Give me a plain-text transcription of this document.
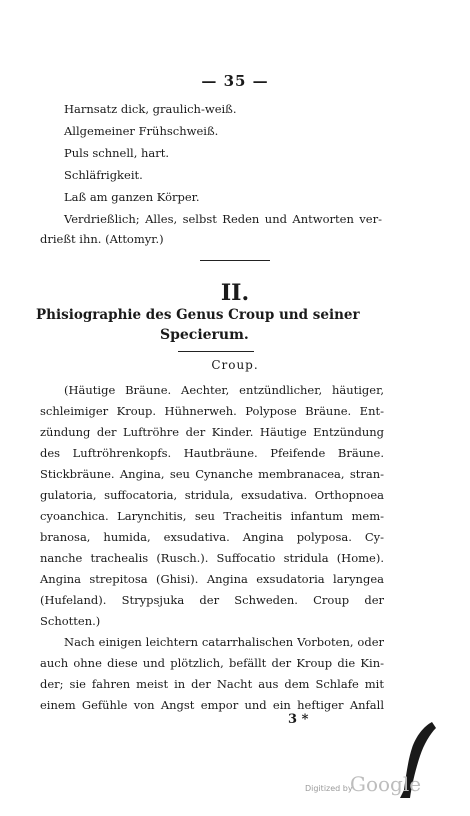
— 35 —
Harnsatz dick, graulich-weiß.
Allgemeiner Frühschweiß.
Puls schnell, hart.
Schläfrigkeit.
Laß am ganzen Körper.
Verdrießlich; Alles, selbst Reden und Antworten ver-
drießt ihn. (Attomyr.)
II.
Phisiographie des Genus Croup und seiner
Specierum.
Croup.
(Häutige Bräune. Aechter, entzündlicher, häutiger,
schleimiger Kroup. Hühnerweh. Polypose Bräune. Ent-
zündung der Luftröhre der Kinder. Häutige Entzündung
des Luftröhrenkopfs. Hautbräune. Pfeifende Bräune.
Stickbräune. Angina, seu Cynanche membranacea, stran-
gulatoria, suffocatoria, stridula, exsudativa. Orthopnoea
cyoanchica. Larynchitis, seu Tracheitis infantum mem-
branosa, humida, exsudativa. Angina polyposa. Cy-
nanche trachealis (Rusch.). Suffocatio stridula (Home).
Angina strepitosa (Ghisi). Angina exsudatoria laryngea
(Hufeland). Strypsjuka der Schweden. Croup der
Schotten.)
Nach einigen leichtern catarrhalischen Vorboten, oder
auch ohne diese und plötzlich, befällt der Kroup die Kin-
der; sie fahren meist in der Nacht aus dem Schlafe mit
einem Gefühle von Angst empor und ein heftiger Anfall
3 *
Digitized by
Google
